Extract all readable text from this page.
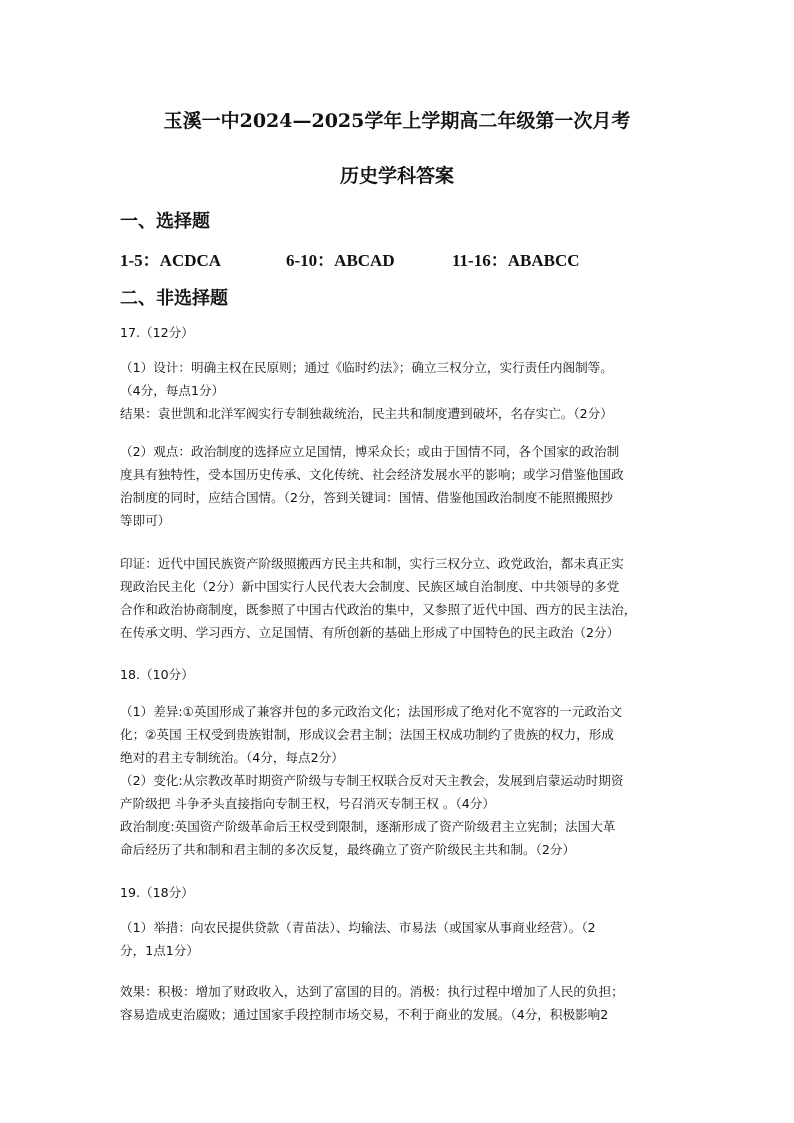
玉溪一中2024—2025学年上学期高二年级第一次月考
历史学科答案
一、选择题
1-5：ACDCA	6-10：ABCAD	11-16：ABABCC
二、非选择题
17.（12分）
（1）设计：明确主权在民原则；通过《临时约法》；确立三权分立，实行责任内阁制等。
（4分，每点1分）
结果：袁世凯和北洋军阀实行专制独裁统治，民主共和制度遭到破坏，名存实亡。（2分）
（2）观点：政治制度的选择应立足国情，博采众长；或由于国情不同，各个国家的政治制
度具有独特性，受本国历史传承、文化传统、社会经济发展水平的影响；或学习借鉴他国政
治制度的同时，应结合国情。（2分，答到关键词：国情、借鉴他国政治制度不能照搬照抄
等即可）
印证：近代中国民族资产阶级照搬西方民主共和制，实行三权分立、政党政治，都未真正实
现政治民主化（2分）新中国实行人民代表大会制度、民族区域自治制度、中共领导的多党
合作和政治协商制度，既参照了中国古代政治的集中，又参照了近代中国、西方的民主法治，
在传承文明、学习西方、立足国情、有所创新的基础上形成了中国特色的民主政治（2分）
18.（10分）
（1）差异:①英国形成了兼容并包的多元政治文化；法国形成了绝对化不宽容的一元政治文
化；②英国 王权受到贵族钳制，形成议会君主制；法国王权成功制约了贵族的权力，形成
绝对的君主专制统治。（4分，每点2分）
（2）变化:从宗教改革时期资产阶级与专制王权联合反对天主教会，发展到启蒙运动时期资
产阶级把 斗争矛头直接指向专制王权，号召消灭专制王权 。（4分）
政治制度:英国资产阶级革命后王权受到限制，逐渐形成了资产阶级君主立宪制；法国大革
命后经历了共和制和君主制的多次反复，最终确立了资产阶级民主共和制。（2分）
19.（18分）
（1）举措：向农民提供贷款（青苗法）、均输法、市易法（或国家从事商业经营）。（2
分，1点1分）
效果：积极：增加了财政收入，达到了富国的目的。消极：执行过程中增加了人民的负担；
容易造成吏治腐败；通过国家手段控制市场交易，不利于商业的发展。（4分，积极影响2
